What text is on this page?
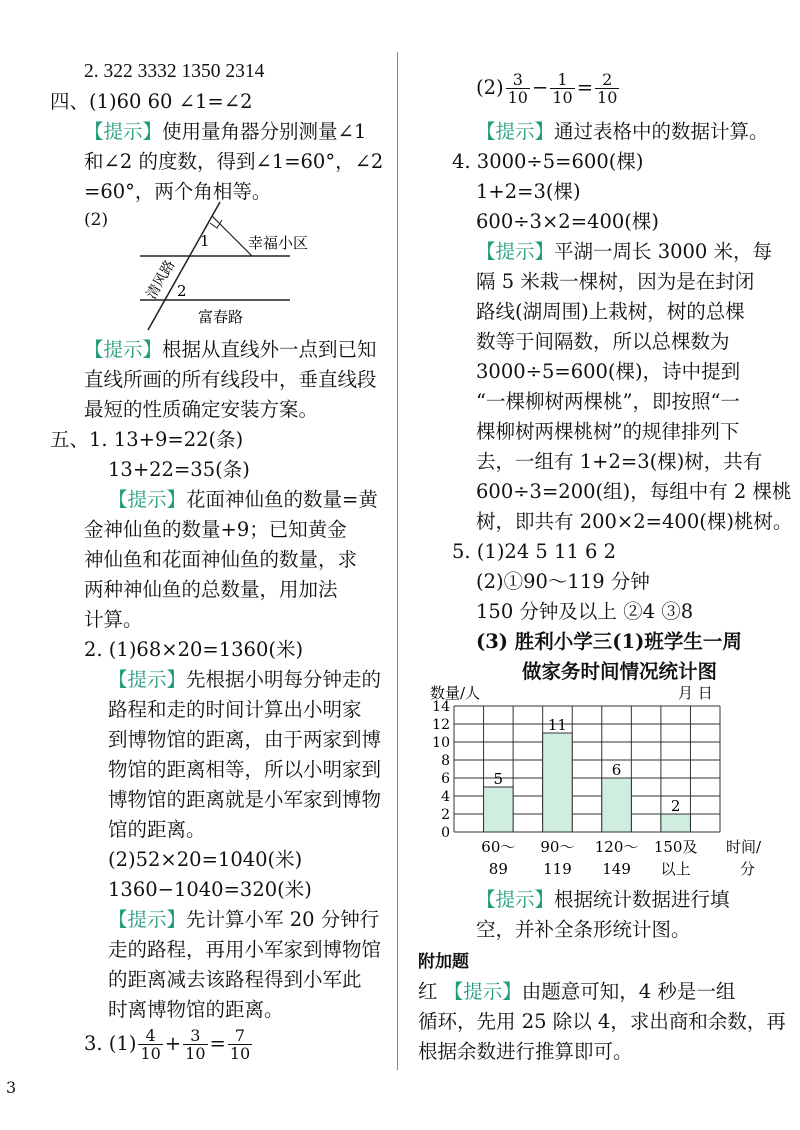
2. 322 3332 1350 2314
四、(1)60 60 ∠1=∠2
【提示】使用量角器分别测量∠1
和∠2 的度数，得到∠1=60°，∠2
=60°，两个角相等。
(2)
1
2
幸福小区
富春路
清风路
【提示】根据从直线外一点到已知
直线所画的所有线段中，垂直线段
最短的性质确定安装方案。
五、1. 13+9=22(条)
13+22=35(条)
【提示】花面神仙鱼的数量=黄
金神仙鱼的数量+9；已知黄金
神仙鱼和花面神仙鱼的数量，求
两种神仙鱼的总数量，用加法
计算。
2. (1)68×20=1360(米)
【提示】先根据小明每分钟走的
路程和走的时间计算出小明家
到博物馆的距离，由于两家到博
物馆的距离相等，所以小明家到
博物馆的距离就是小军家到博物
馆的距离。
(2)52×20=1040(米)
1360−1040=320(米)
【提示】先计算小军 20 分钟行
走的路程，再用小军家到博物馆
的距离减去该路程得到小军此
时离博物馆的距离。
3. $(1) \frac{4}{10} + \frac{3}{10} = \frac{7}{10}$
$(2) \frac{3}{10} - \frac{1}{10} = \frac{2}{10}$
【提示】通过表格中的数据计算。
4. 3000÷5=600(棵)
1+2=3(棵)
600÷3×2=400(棵)
【提示】平湖一周长 3000 米，每
隔 5 米栽一棵树，因为是在封闭
路线(湖周围)上栽树，树的总棵
数等于间隔数，所以总棵数为
3000÷5=600(棵)，诗中提到
“一棵柳树两棵桃”，即按照“一
棵柳树两棵桃树”的规律排列下
去，一组有 1+2=3(棵)树，共有
600÷3=200(组)，每组中有 2 棵桃
树，即共有 200×2=400(棵)桃树。
5. (1)24 5 11 6 2
(2)①90～119 分钟
150 分钟及以上 ②4 ③8
(3) 胜利小学三(1)班学生一周
做家务时间情况统计图
数量/人	月 日
0
2
4
6
8
10
12
14
5
11
6
2
60～
89
90～
119
120～
149
150及
以上
时间/
分
【提示】根据统计数据进行填
空，并补全条形统计图。
附加题
红 【提示】由题意可知，4 秒是一组
循环，先用 25 除以 4，求出商和余数，再
根据余数进行推算即可。
3
